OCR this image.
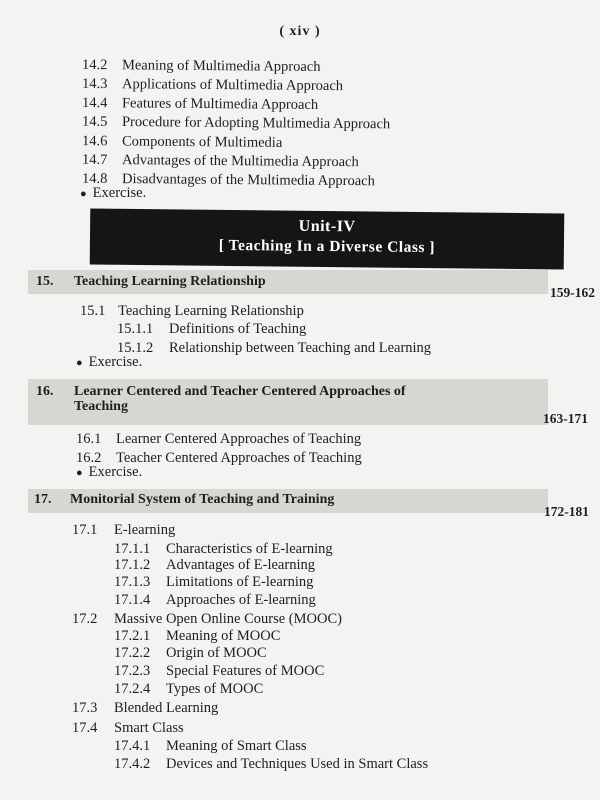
( xiv )
14.2 Meaning of Multimedia Approach
14.3 Applications of Multimedia Approach
14.4 Features of Multimedia Approach
14.5 Procedure for Adopting Multimedia Approach
14.6 Components of Multimedia
14.7 Advantages of the Multimedia Approach
14.8 Disadvantages of the Multimedia Approach
● Exercise.
Unit-IV
[ Teaching In a Diverse Class ]
15. Teaching Learning Relationship
159-162
15.1 Teaching Learning Relationship
15.1.1 Definitions of Teaching
15.1.2 Relationship between Teaching and Learning
● Exercise.
16. Learner Centered and Teacher Centered Approaches of
Teaching
163-171
16.1 Learner Centered Approaches of Teaching
16.2 Teacher Centered Approaches of Teaching
● Exercise.
17. Monitorial System of Teaching and Training
172-181
17.1 E-learning
17.1.1 Characteristics of E-learning
17.1.2 Advantages of E-learning
17.1.3 Limitations of E-learning
17.1.4 Approaches of E-learning
17.2 Massive Open Online Course (MOOC)
17.2.1 Meaning of MOOC
17.2.2 Origin of MOOC
17.2.3 Special Features of MOOC
17.2.4 Types of MOOC
17.3 Blended Learning
17.4 Smart Class
17.4.1 Meaning of Smart Class
17.4.2 Devices and Techniques Used in Smart Class
